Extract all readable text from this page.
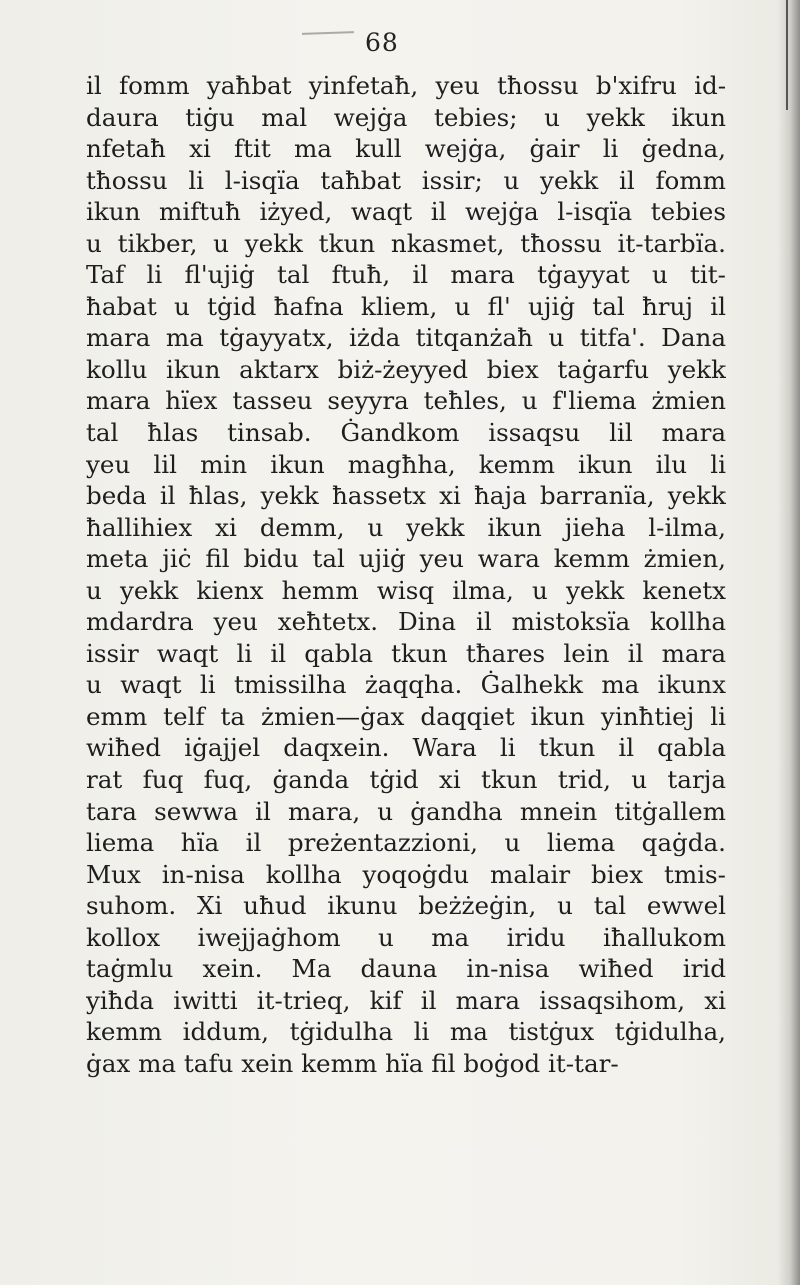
68
il fomm yaħbat yinfetaħ, yeu tħossu b'xifru id-
daura tiġu mal wejġa tebies; u yekk ikun
nfetaħ xi ftit ma kull wejġa, ġair li ġedna,
tħossu li l-isqïa taħbat issir; u yekk il fomm
ikun miftuħ iżyed, waqt il wejġa l-isqïa tebies
u tikber, u yekk tkun nkasmet, tħossu it-tarbïa.
Taf li fl'ujiġ tal ftuħ, il mara tġayyat u tit-
ħabat u tġid ħafna kliem, u fl' ujiġ tal ħruj il
mara ma tġayyatx, iżda titqanżaħ u titfa'. Dana
kollu ikun aktarx biż-żeyyed biex taġarfu yekk
mara hïex tasseu seyyra teħles, u f'liema żmien
tal ħlas tinsab. Ġandkom issaqsu lil mara
yeu lil min ikun magħha, kemm ikun ilu li
beda il ħlas, yekk ħassetx xi ħaja barranïa, yekk
ħallihiex xi demm, u yekk ikun jieha l-ilma,
meta jiċ fil bidu tal ujiġ yeu wara kemm żmien,
u yekk kienx hemm wisq ilma, u yekk kenetx
mdardra yeu xeħtetx. Dina il mistoksïa kollha
issir waqt li il qabla tkun tħares lein il mara
u waqt li tmissilha żaqqha. Ġalhekk ma ikunx
emm telf ta żmien—ġax daqqiet ikun yinħtiej li
wiħed iġajjel daqxein. Wara li tkun il qabla
rat fuq fuq, ġanda tġid xi tkun trid, u tarja
tara sewwa il mara, u ġandha mnein titġallem
liema hïa il preżentazzioni, u liema qaġda.
Mux in-nisa kollha yoqoġdu malair biex tmis-
suhom. Xi uħud ikunu beżżeġin, u tal ewwel
kollox iwejjaġhom u ma iridu iħallukom
taġmlu xein. Ma dauna in-nisa wiħed irid
yiħda iwitti it-trieq, kif il mara issaqsihom, xi
kemm iddum, tġidulha li ma tistġux tġidulha,
ġax ma tafu xein kemm hïa fil boġod it-tar-
